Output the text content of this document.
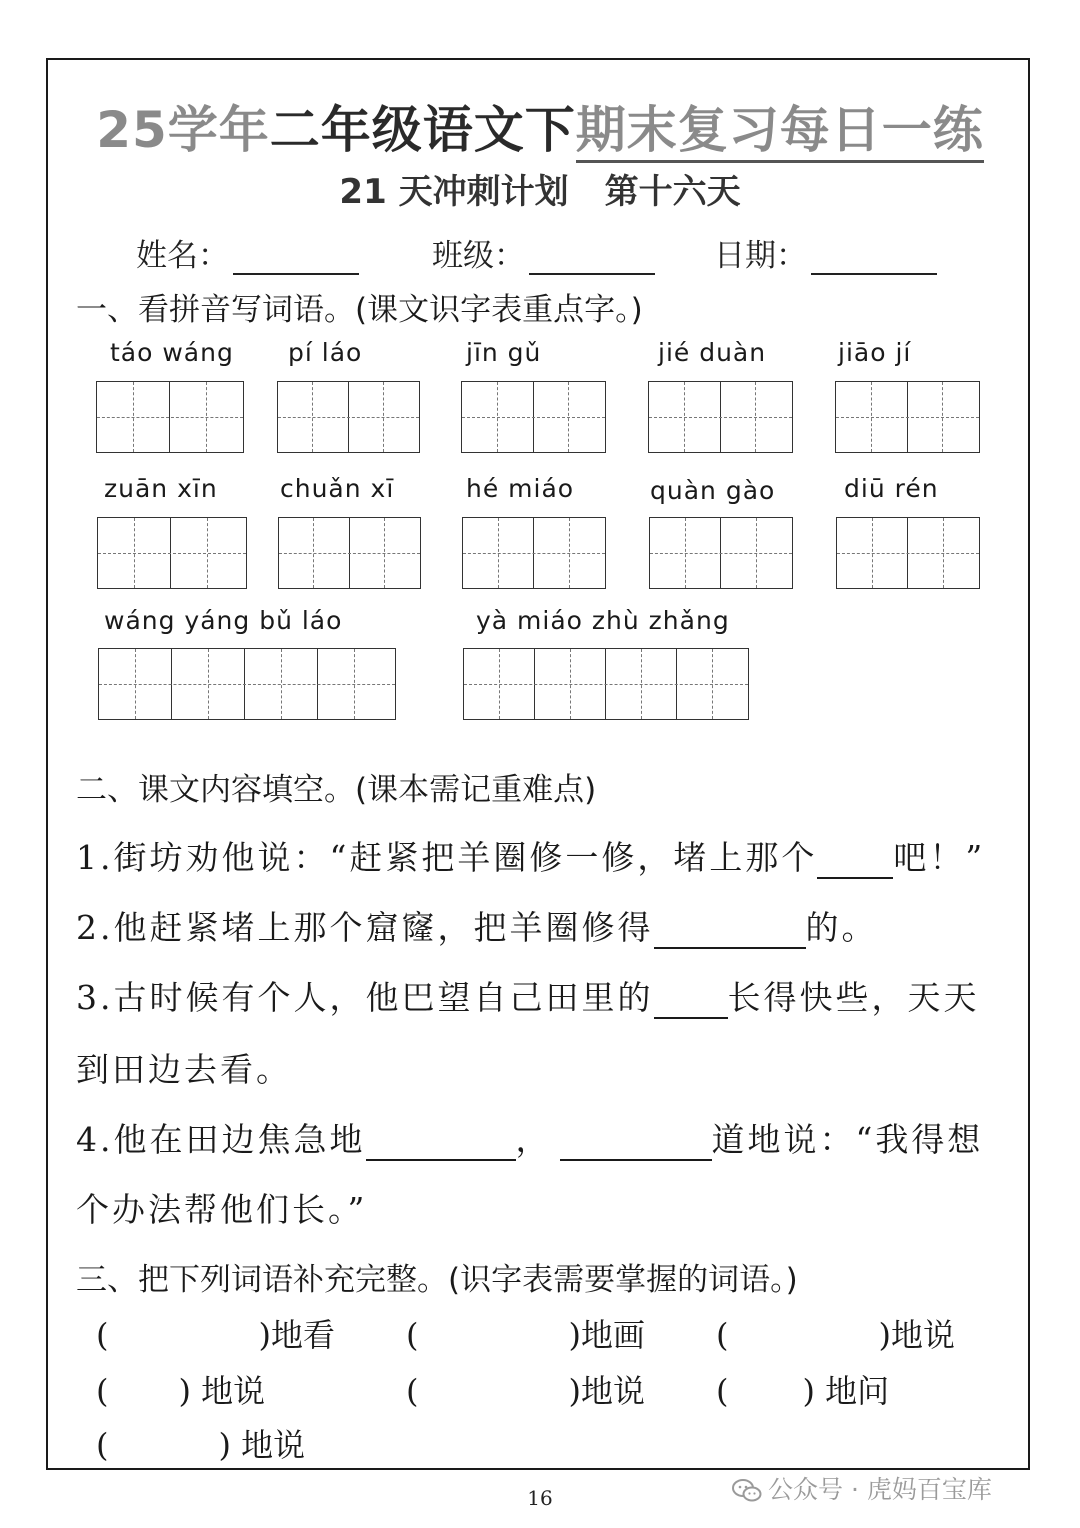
25学年二年级语文下期末复习每日一练
21 天冲刺计划 第十六天
姓名：	班级：	日期：
一、看拼音写词语。(课文识字表重点字。)
táo wáng pí láo	jīn gǔ	jié duàn	jiāo jí
zuān xīn chuǎn xī	hé miáo	quàn gào	diū rén
wáng yáng bǔ láo	yà miáo zhù zhǎng
二、课文内容填空。(课本需记重难点)
1.街坊劝他说：“赶紧把羊圈修一修，堵上那个 吧！”
2.他赶紧堵上那个窟窿，把羊圈修得	的。
3.古时候有个人，他巴望自己田里的 长得快些，天天
到田边去看。
4.他在田边焦急地	，	道地说：“我得想
个办法帮他们长。”
三、把下列词语补充完整。(识字表需要掌握的词语。)
(	)地看 (	)地画 (	)地说
( ) 地说	(	)地说 ( ) 地问
(	) 地说
16	公众号 · 虎妈百宝库
